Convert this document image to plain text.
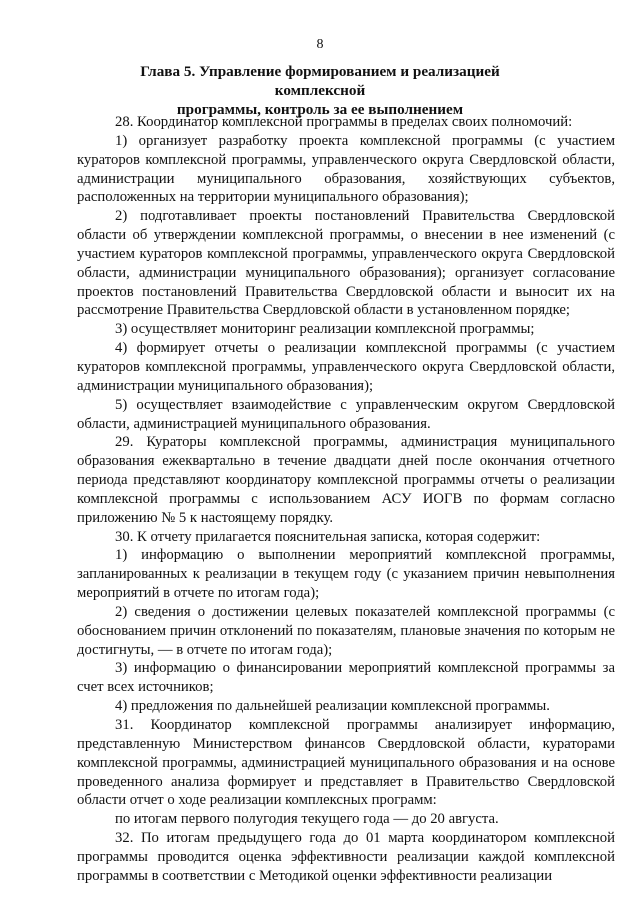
8
Глава 5. Управление формированием и реализацией комплексной
программы, контроль за ее выполнением

28. Координатор комплексной программы в пределах своих полномочий:

1) организует разработку проекта комплексной программы (с участием кураторов комплексной программы, управленческого округа Свердловской области, администрации муниципального образования, хозяйствующих субъектов, расположенных на территории муниципального образования);

2) подготавливает проекты постановлений Правительства Свердловской области об утверждении комплексной программы, о внесении в нее изменений (с участием кураторов комплексной программы, управленческого округа Свердловской области, администрации муниципального образования); организует согласование проектов постановлений Правительства Свердловской области и выносит их на рассмотрение Правительства Свердловской области в установленном порядке;

3) осуществляет мониторинг реализации комплексной программы;

4) формирует отчеты о реализации комплексной программы (с участием кураторов комплексной программы, управленческого округа Свердловской области, администрации муниципального образования);

5) осуществляет взаимодействие с управленческим округом Свердловской области, администрацией муниципального образования.

29. Кураторы комплексной программы, администрация муниципального образования ежеквартально в течение двадцати дней после окончания отчетного периода представляют координатору комплексной программы отчеты о реализации комплексной программы с использованием АСУ ИОГВ по формам согласно приложению № 5 к настоящему порядку.

30. К отчету прилагается пояснительная записка, которая содержит:

1) информацию о выполнении мероприятий комплексной программы, запланированных к реализации в текущем году (с указанием причин невыполнения мероприятий в отчете по итогам года);

2) сведения о достижении целевых показателей комплексной программы (с обоснованием причин отклонений по показателям, плановые значения по которым не достигнуты, — в отчете по итогам года);

3) информацию о финансировании мероприятий комплексной программы за счет всех источников;

4) предложения по дальнейшей реализации комплексной программы.

31. Координатор комплексной программы анализирует информацию, представленную Министерством финансов Свердловской области, кураторами комплексной программы, администрацией муниципального образования и на основе проведенного анализа формирует и представляет в Правительство Свердловской области отчет о ходе реализации комплексных программ:

по итогам первого полугодия текущего года — до 20 августа.

32. По итогам предыдущего года до 01 марта координатором комплексной программы проводится оценка эффективности реализации каждой комплексной программы в соответствии с Методикой оценки эффективности реализации
